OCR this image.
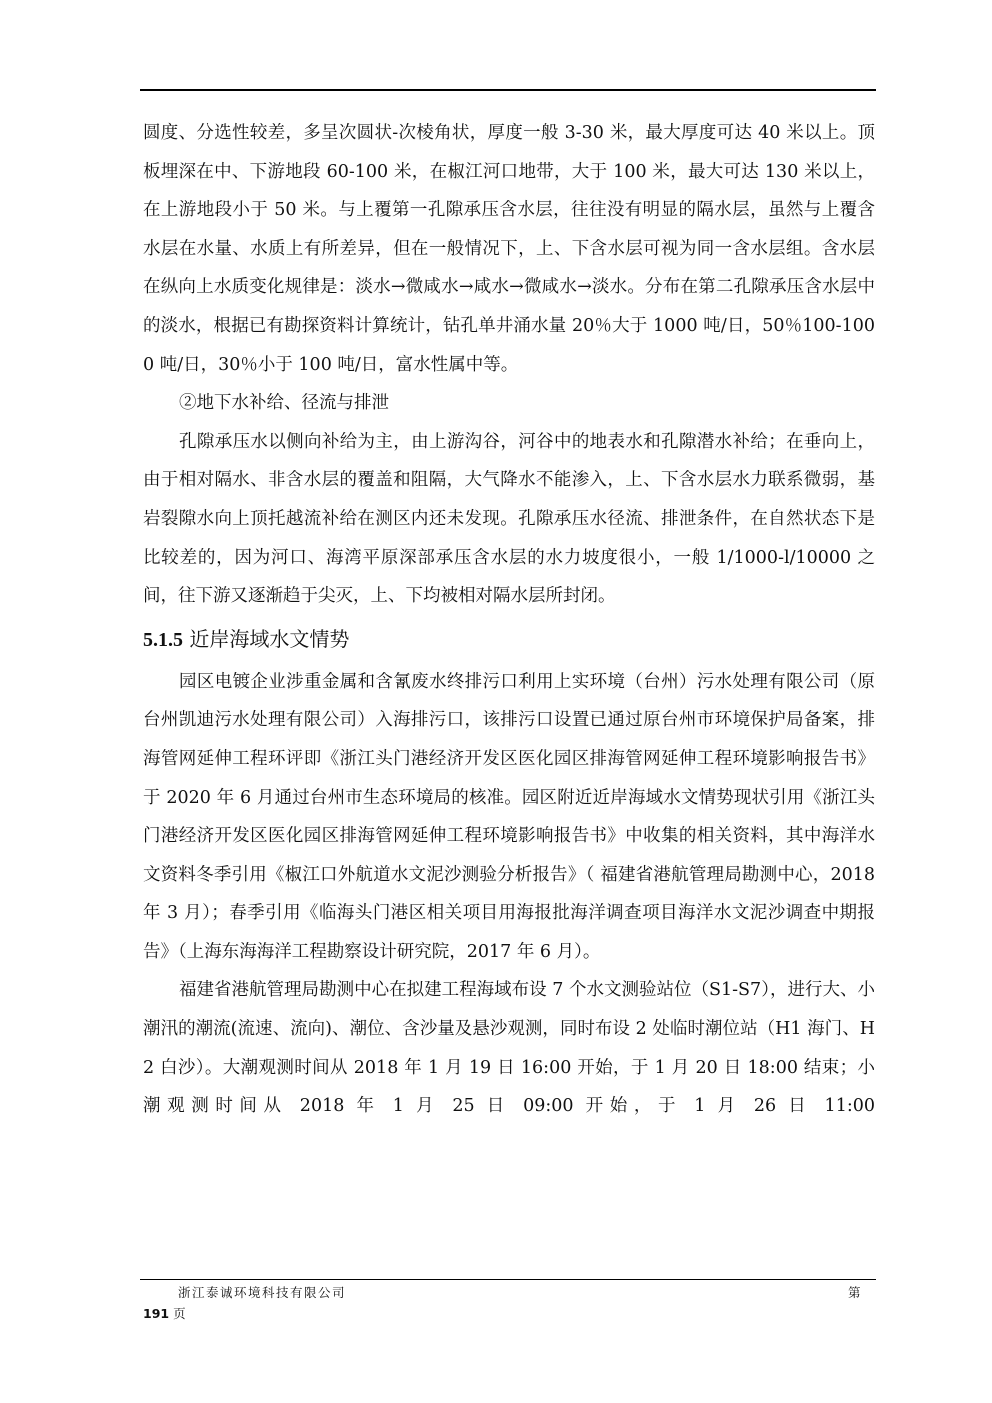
圆度、分选性较差，多呈次圆状-次棱角状，厚度一般 3-30 米，最大厚度可达 40 米以上。顶板埋深在中、下游地段 60-100 米，在椒江河口地带，大于 100 米，最大可达 130 米以上，在上游地段小于 50 米。与上覆第一孔隙承压含水层，往往没有明显的隔水层，虽然与上覆含水层在水量、水质上有所差异，但在一般情况下，上、下含水层可视为同一含水层组。含水层在纵向上水质变化规律是：淡水→微咸水→咸水→微咸水→淡水。分布在第二孔隙承压含水层中的淡水，根据已有勘探资料计算统计，钻孔单井涌水量 20％大于 1000 吨/日，50％100-1000 吨/日，30％小于 100 吨/日，富水性属中等。

②地下水补给、径流与排泄

孔隙承压水以侧向补给为主，由上游沟谷，河谷中的地表水和孔隙潜水补给；在垂向上，由于相对隔水、非含水层的覆盖和阻隔，大气降水不能渗入，上、下含水层水力联系微弱，基岩裂隙水向上顶托越流补给在测区内还未发现。孔隙承压水径流、排泄条件，在自然状态下是比较差的，因为河口、海湾平原深部承压含水层的水力坡度很小，一般 1/1000-l/10000 之间，往下游又逐渐趋于尖灭，上、下均被相对隔水层所封闭。

5.1.5 近岸海域水文情势

园区电镀企业涉重金属和含氰废水终排污口利用上实环境（台州）污水处理有限公司（原台州凯迪污水处理有限公司）入海排污口，该排污口设置已通过原台州市环境保护局备案，排海管网延伸工程环评即《浙江头门港经济开发区医化园区排海管网延伸工程环境影响报告书》于 2020 年 6 月通过台州市生态环境局的核准。园区附近近岸海域水文情势现状引用《浙江头门港经济开发区医化园区排海管网延伸工程环境影响报告书》中收集的相关资料，其中海洋水文资料冬季引用《椒江口外航道水文泥沙测验分析报告》（ 福建省港航管理局勘测中心，2018 年 3 月）；春季引用《临海头门港区相关项目用海报批海洋调查项目海洋水文泥沙调查中期报告》（上海东海海洋工程勘察设计研究院，2017 年 6 月）。

福建省港航管理局勘测中心在拟建工程海域布设 7 个水文测验站位（S1-S7），进行大、小潮汛的潮流(流速、流向)、潮位、含沙量及悬沙观测，同时布设 2 处临时潮位站（H1 海门、H2 白沙）。大潮观测时间从 2018 年 1 月 19 日 16:00 开始，于 1 月 20 日 18:00 结束；小潮观测时间从 2018 年 1 月 25 日 09:00 开始，于 1 月 26 日 11:00

浙江泰诚环境科技有限公司	第
191 页
